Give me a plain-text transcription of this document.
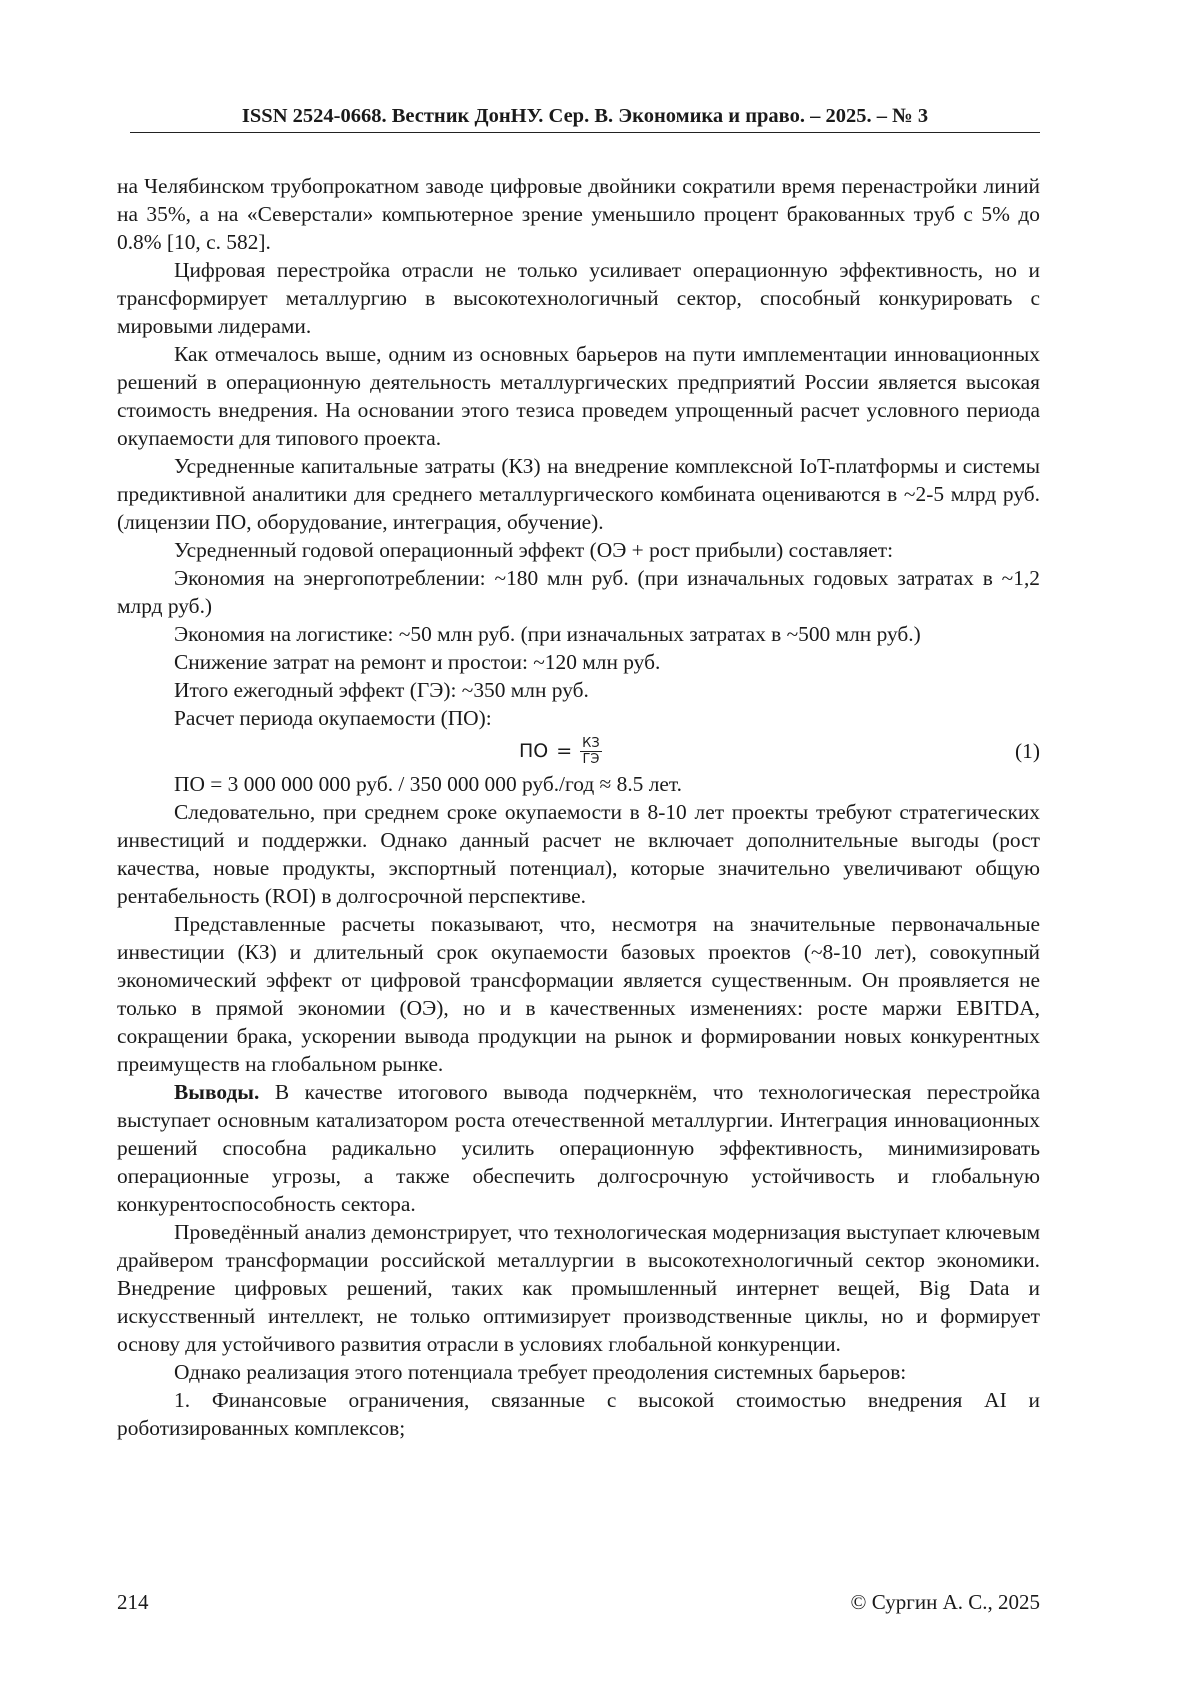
ISSN 2524-0668. Вестник ДонНУ. Сер. В. Экономика и право. – 2025. – № 3

на Челябинском трубопрокатном заводе цифровые двойники сократили время перенастройки линий на 35%, а на «Северстали» компьютерное зрение уменьшило процент бракованных труб с 5% до 0.8% [10, с. 582].

Цифровая перестройка отрасли не только усиливает операционную эффективность, но и трансформирует металлургию в высокотехнологичный сектор, способный конкурировать с мировыми лидерами.

Как отмечалось выше, одним из основных барьеров на пути имплементации инновационных решений в операционную деятельность металлургических предприятий России является высокая стоимость внедрения. На основании этого тезиса проведем упрощенный расчет условного периода окупаемости для типового проекта.

Усредненные капитальные затраты (КЗ) на внедрение комплексной IoT-платформы и системы предиктивной аналитики для среднего металлургического комбината оцениваются в ~2-5 млрд руб. (лицензии ПО, оборудование, интеграция, обучение).

Усредненный годовой операционный эффект (ОЭ + рост прибыли) составляет:

Экономия на энергопотреблении: ~180 млн руб. (при изначальных годовых затратах в ~1,2 млрд руб.)

Экономия на логистике: ~50 млн руб. (при изначальных затратах в ~500 млн руб.)

Снижение затрат на ремонт и простои: ~120 млн руб.

Итого ежегодный эффект (ГЭ): ~350 млн руб.

Расчет периода окупаемости (ПО):

ПО = $\frac{КЗ}{ГЭ}$	(1)

ПО = 3 000 000 000 руб. / 350 000 000 руб./год ≈ 8.5 лет.

Следовательно, при среднем сроке окупаемости в 8-10 лет проекты требуют стратегических инвестиций и поддержки. Однако данный расчет не включает дополнительные выгоды (рост качества, новые продукты, экспортный потенциал), которые значительно увеличивают общую рентабельность (ROI) в долгосрочной перспективе.

Представленные расчеты показывают, что, несмотря на значительные первоначальные инвестиции (КЗ) и длительный срок окупаемости базовых проектов (~8-10 лет), совокупный экономический эффект от цифровой трансформации является существенным. Он проявляется не только в прямой экономии (ОЭ), но и в качественных изменениях: росте маржи EBITDA, сокращении брака, ускорении вывода продукции на рынок и формировании новых конкурентных преимуществ на глобальном рынке.

Выводы. В качестве итогового вывода подчеркнём, что технологическая перестройка выступает основным катализатором роста отечественной металлургии. Интеграция инновационных решений способна радикально усилить операционную эффективность, минимизировать операционные угрозы, а также обеспечить долгосрочную устойчивость и глобальную конкурентоспособность сектора.

Проведённый анализ демонстрирует, что технологическая модернизация выступает ключевым драйвером трансформации российской металлургии в высокотехнологичный сектор экономики. Внедрение цифровых решений, таких как промышленный интернет вещей, Big Data и искусственный интеллект, не только оптимизирует производственные циклы, но и формирует основу для устойчивого развития отрасли в условиях глобальной конкуренции.

Однако реализация этого потенциала требует преодоления системных барьеров:

1. Финансовые ограничения, связанные с высокой стоимостью внедрения AI и роботизированных комплексов;

214	© Сургин А. С., 2025
